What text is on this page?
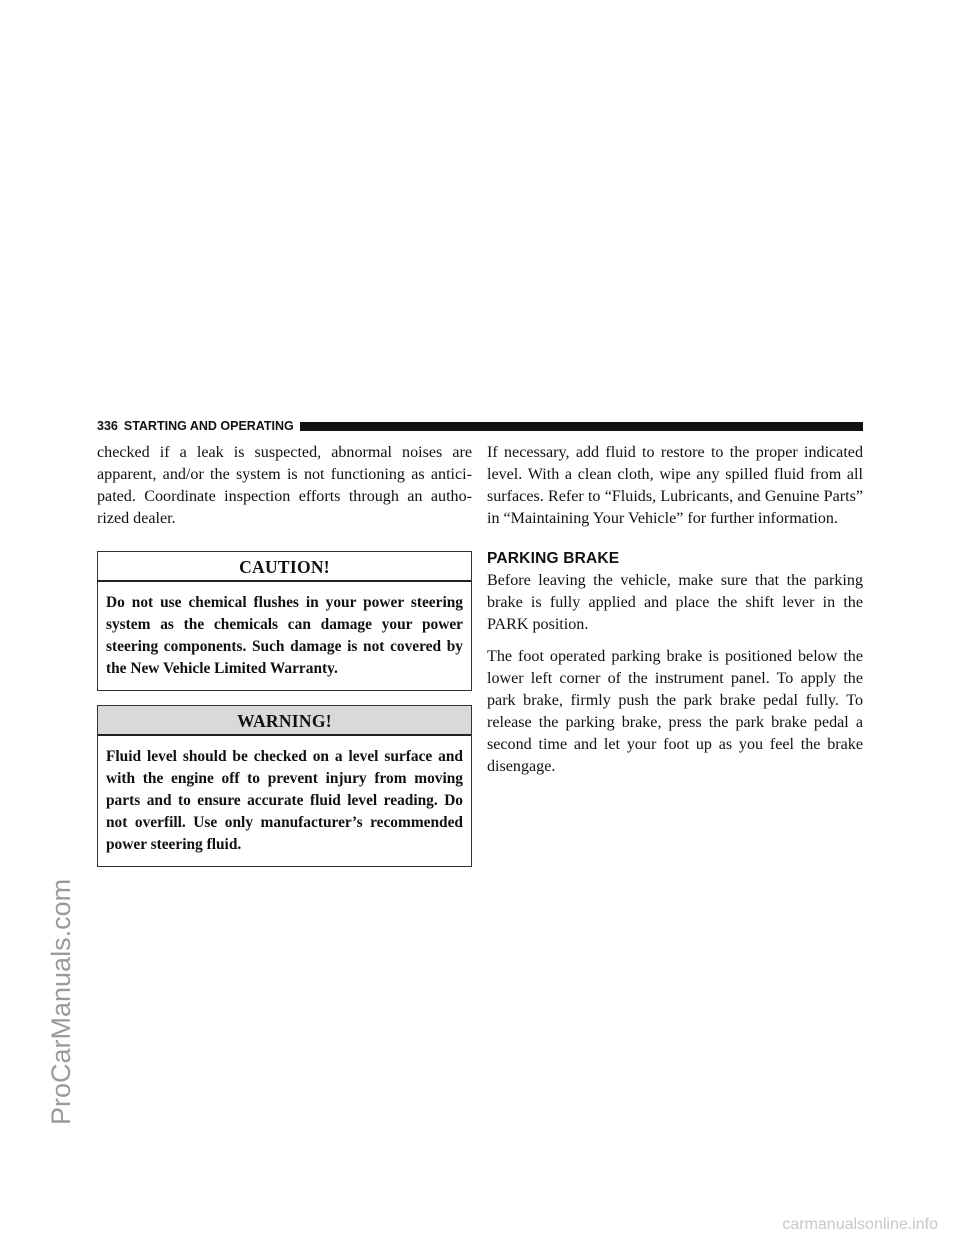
ProCarManuals.com
336 STARTING AND OPERATING

checked if a leak is suspected, abnormal noises are apparent, and/or the system is not functioning as antici-pated. Coordinate inspection efforts through an autho-rized dealer.

CAUTION!
Do not use chemical flushes in your power steering system as the chemicals can damage your power steering components. Such damage is not covered by the New Vehicle Limited Warranty.
WARNING!
Fluid level should be checked on a level surface and with the engine off to prevent injury from moving parts and to ensure accurate fluid level reading. Do not overfill. Use only manufacturer’s recommended power steering fluid.

If necessary, add fluid to restore to the proper indicated level. With a clean cloth, wipe any spilled fluid from all surfaces. Refer to “Fluids, Lubricants, and Genuine Parts” in “Maintaining Your Vehicle” for further information.

PARKING BRAKE

Before leaving the vehicle, make sure that the parking brake is fully applied and place the shift lever in the PARK position.

The foot operated parking brake is positioned below the lower left corner of the instrument panel. To apply the park brake, firmly push the park brake pedal fully. To release the parking brake, press the park brake pedal a second time and let your foot up as you feel the brake disengage.

carmanualsonline.info
